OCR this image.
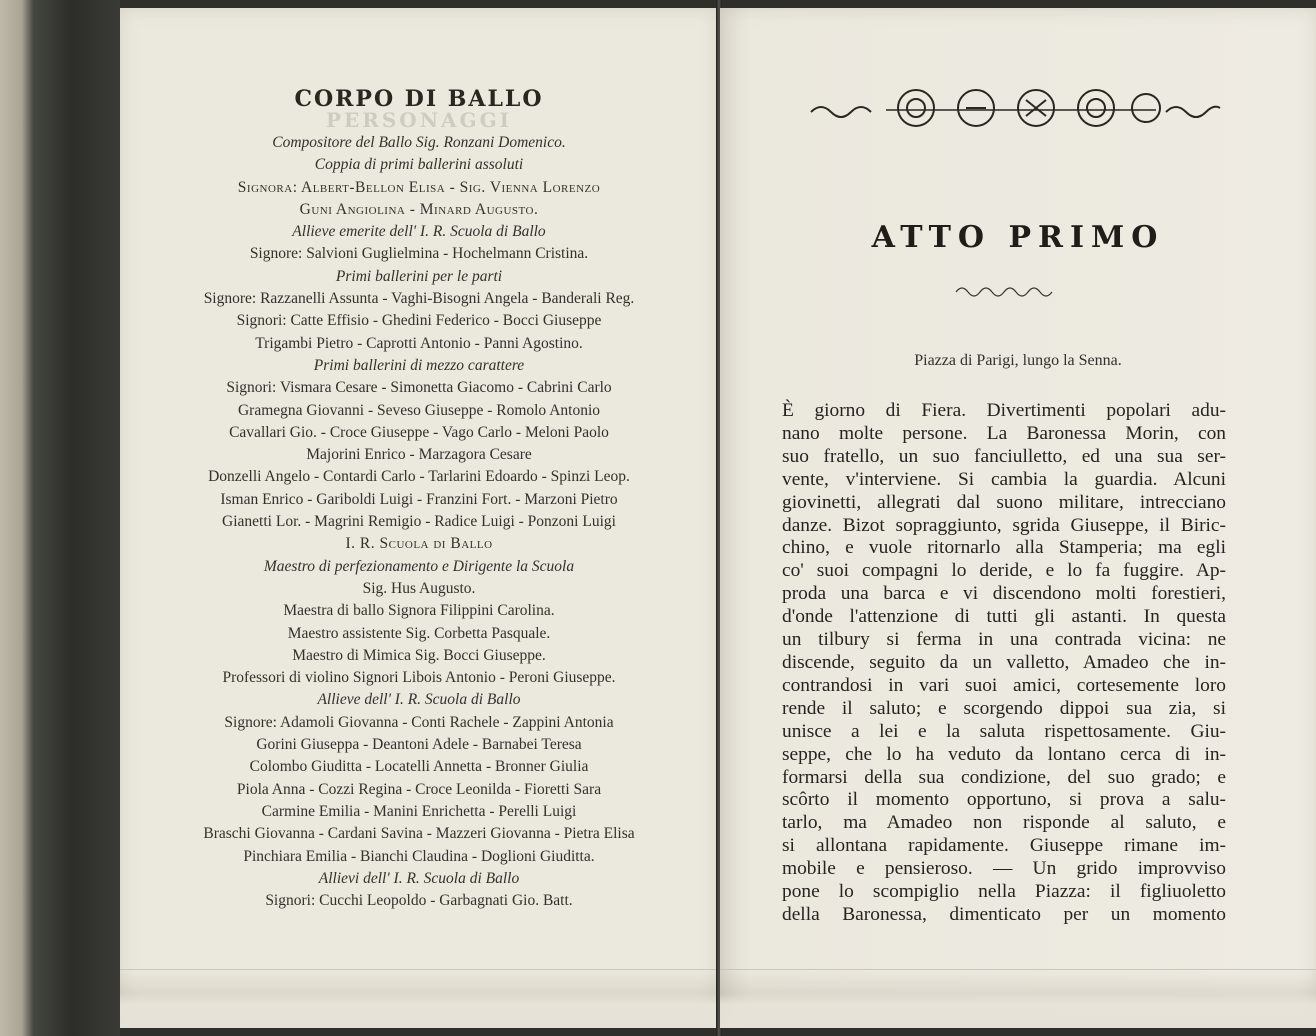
PERSONAGGI
CORPO DI BALLO
Compositore del Ballo Sig. Ronzani Domenico.
Coppia di primi ballerini assoluti
Signora: Albert-Bellon Elisa - Sig. Vienna Lorenzo
Guni Angiolina - Minard Augusto.
Allieve emerite dell' I. R. Scuola di Ballo
Signore: Salvioni Guglielmina - Hochelmann Cristina.
Primi ballerini per le parti
Signore: Razzanelli Assunta - Vaghi-Bisogni Angela - Banderali Reg.
Signori: Catte Effisio - Ghedini Federico - Bocci Giuseppe
Trigambi Pietro - Caprotti Antonio - Panni Agostino.
Primi ballerini di mezzo carattere
Signori: Vismara Cesare - Simonetta Giacomo - Cabrini Carlo
Gramegna Giovanni - Seveso Giuseppe - Romolo Antonio
Cavallari Gio. - Croce Giuseppe - Vago Carlo - Meloni Paolo
Majorini Enrico - Marzagora Cesare
Donzelli Angelo - Contardi Carlo - Tarlarini Edoardo - Spinzi Leop.
Isman Enrico - Gariboldi Luigi - Franzini Fort. - Marzoni Pietro
Gianetti Lor. - Magrini Remigio - Radice Luigi - Ponzoni Luigi
I. R. Scuola di Ballo
Maestro di perfezionamento e Dirigente la Scuola
Sig. Hus Augusto.
Maestra di ballo Signora Filippini Carolina.
Maestro assistente Sig. Corbetta Pasquale.
Maestro di Mimica Sig. Bocci Giuseppe.
Professori di violino Signori Libois Antonio - Peroni Giuseppe.
Allieve dell' I. R. Scuola di Ballo
Signore: Adamoli Giovanna - Conti Rachele - Zappini Antonia
Gorini Giuseppa - Deantoni Adele - Barnabei Teresa
Colombo Giuditta - Locatelli Annetta - Bronner Giulia
Piola Anna - Cozzi Regina - Croce Leonilda - Fioretti Sara
Carmine Emilia - Manini Enrichetta - Perelli Luigi
Braschi Giovanna - Cardani Savina - Mazzeri Giovanna - Pietra Elisa
Pinchiara Emilia - Bianchi Claudina - Doglioni Giuditta.
Allievi dell' I. R. Scuola di Ballo
Signori: Cucchi Leopoldo - Garbagnati Gio. Batt.
ATTO PRIMO
Piazza di Parigi, lungo la Senna.
È giorno di Fiera. Divertimenti popolari adu-
nano molte persone. La Baronessa Morin, con
suo fratello, un suo fanciulletto, ed una sua ser-
vente, v'interviene. Si cambia la guardia. Alcuni
giovinetti, allegrati dal suono militare, intrecciano
danze. Bizot sopraggiunto, sgrida Giuseppe, il Biric-
chino, e vuole ritornarlo alla Stamperia; ma egli
co' suoi compagni lo deride, e lo fa fuggire. Ap-
proda una barca e vi discendono molti forestieri,
d'onde l'attenzione di tutti gli astanti. In questa
un tilbury si ferma in una contrada vicina: ne
discende, seguito da un valletto, Amadeo che in-
contrandosi in vari suoi amici, cortesemente loro
rende il saluto; e scorgendo dippoi sua zia, si
unisce a lei e la saluta rispettosamente. Giu-
seppe, che lo ha veduto da lontano cerca di in-
formarsi della sua condizione, del suo grado; e
scôrto il momento opportuno, si prova a salu-
tarlo, ma Amadeo non risponde al saluto, e
si allontana rapidamente. Giuseppe rimane im-
mobile e pensieroso. — Un grido improvviso
pone lo scompiglio nella Piazza: il figliuoletto
della Baronessa, dimenticato per un momento
